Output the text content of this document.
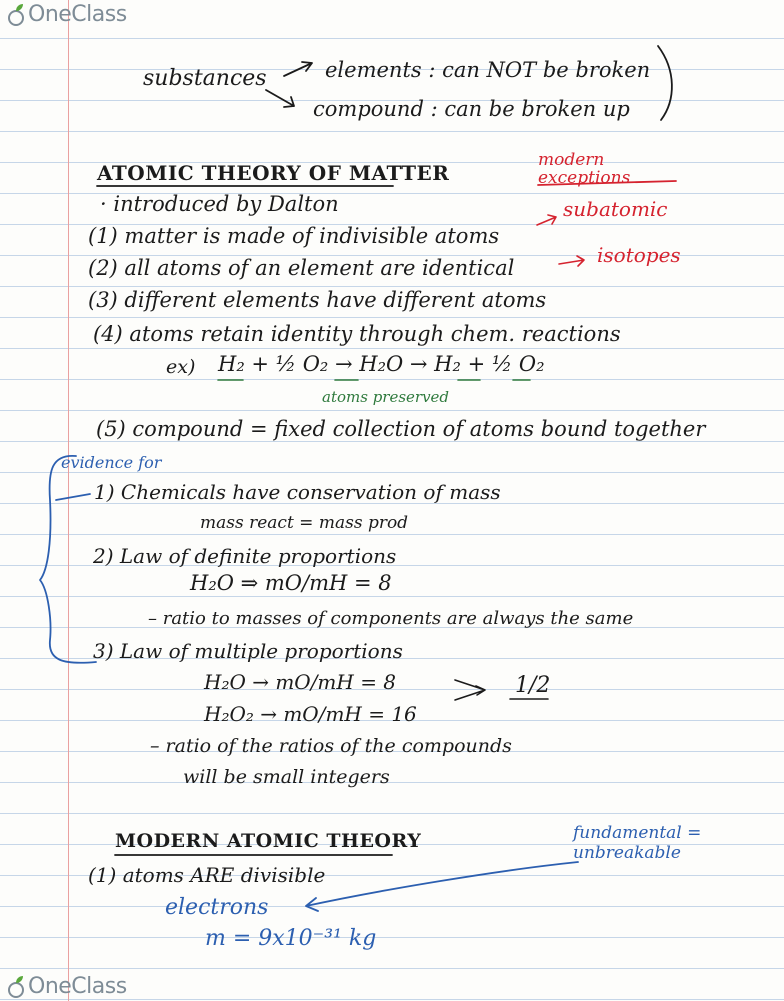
OneClass
substances	elements : can NOT be broken
compound : can be broken up
ATOMIC THEORY OF MATTER
modern exceptions
· introduced by Dalton
(1) matter is made of indivisible atoms
subatomic
(2) all atoms of an element are identical
isotopes
(3) different elements have different atoms
(4) atoms retain identity through chem. reactions
ex) H₂ + ½ O₂ → H₂O → H₂ + ½ O₂
atoms preserved
(5) compound = fixed collection of atoms bound together
evidence for
1) Chemicals have conservation of mass
mass react = mass prod
2) Law of definite proportions
H₂O ⇒ mO/mH = 8
– ratio to masses of components are always the same
3) Law of multiple proportions
H₂O → mO/mH = 8
H₂O₂ → mO/mH = 16
1/2
– ratio of the ratios of the compounds
will be small integers
MODERN ATOMIC THEORY	fundamental = unbreakable
(1) atoms ARE divisible
electrons
m = 9x10⁻³¹ kg
OneClass
